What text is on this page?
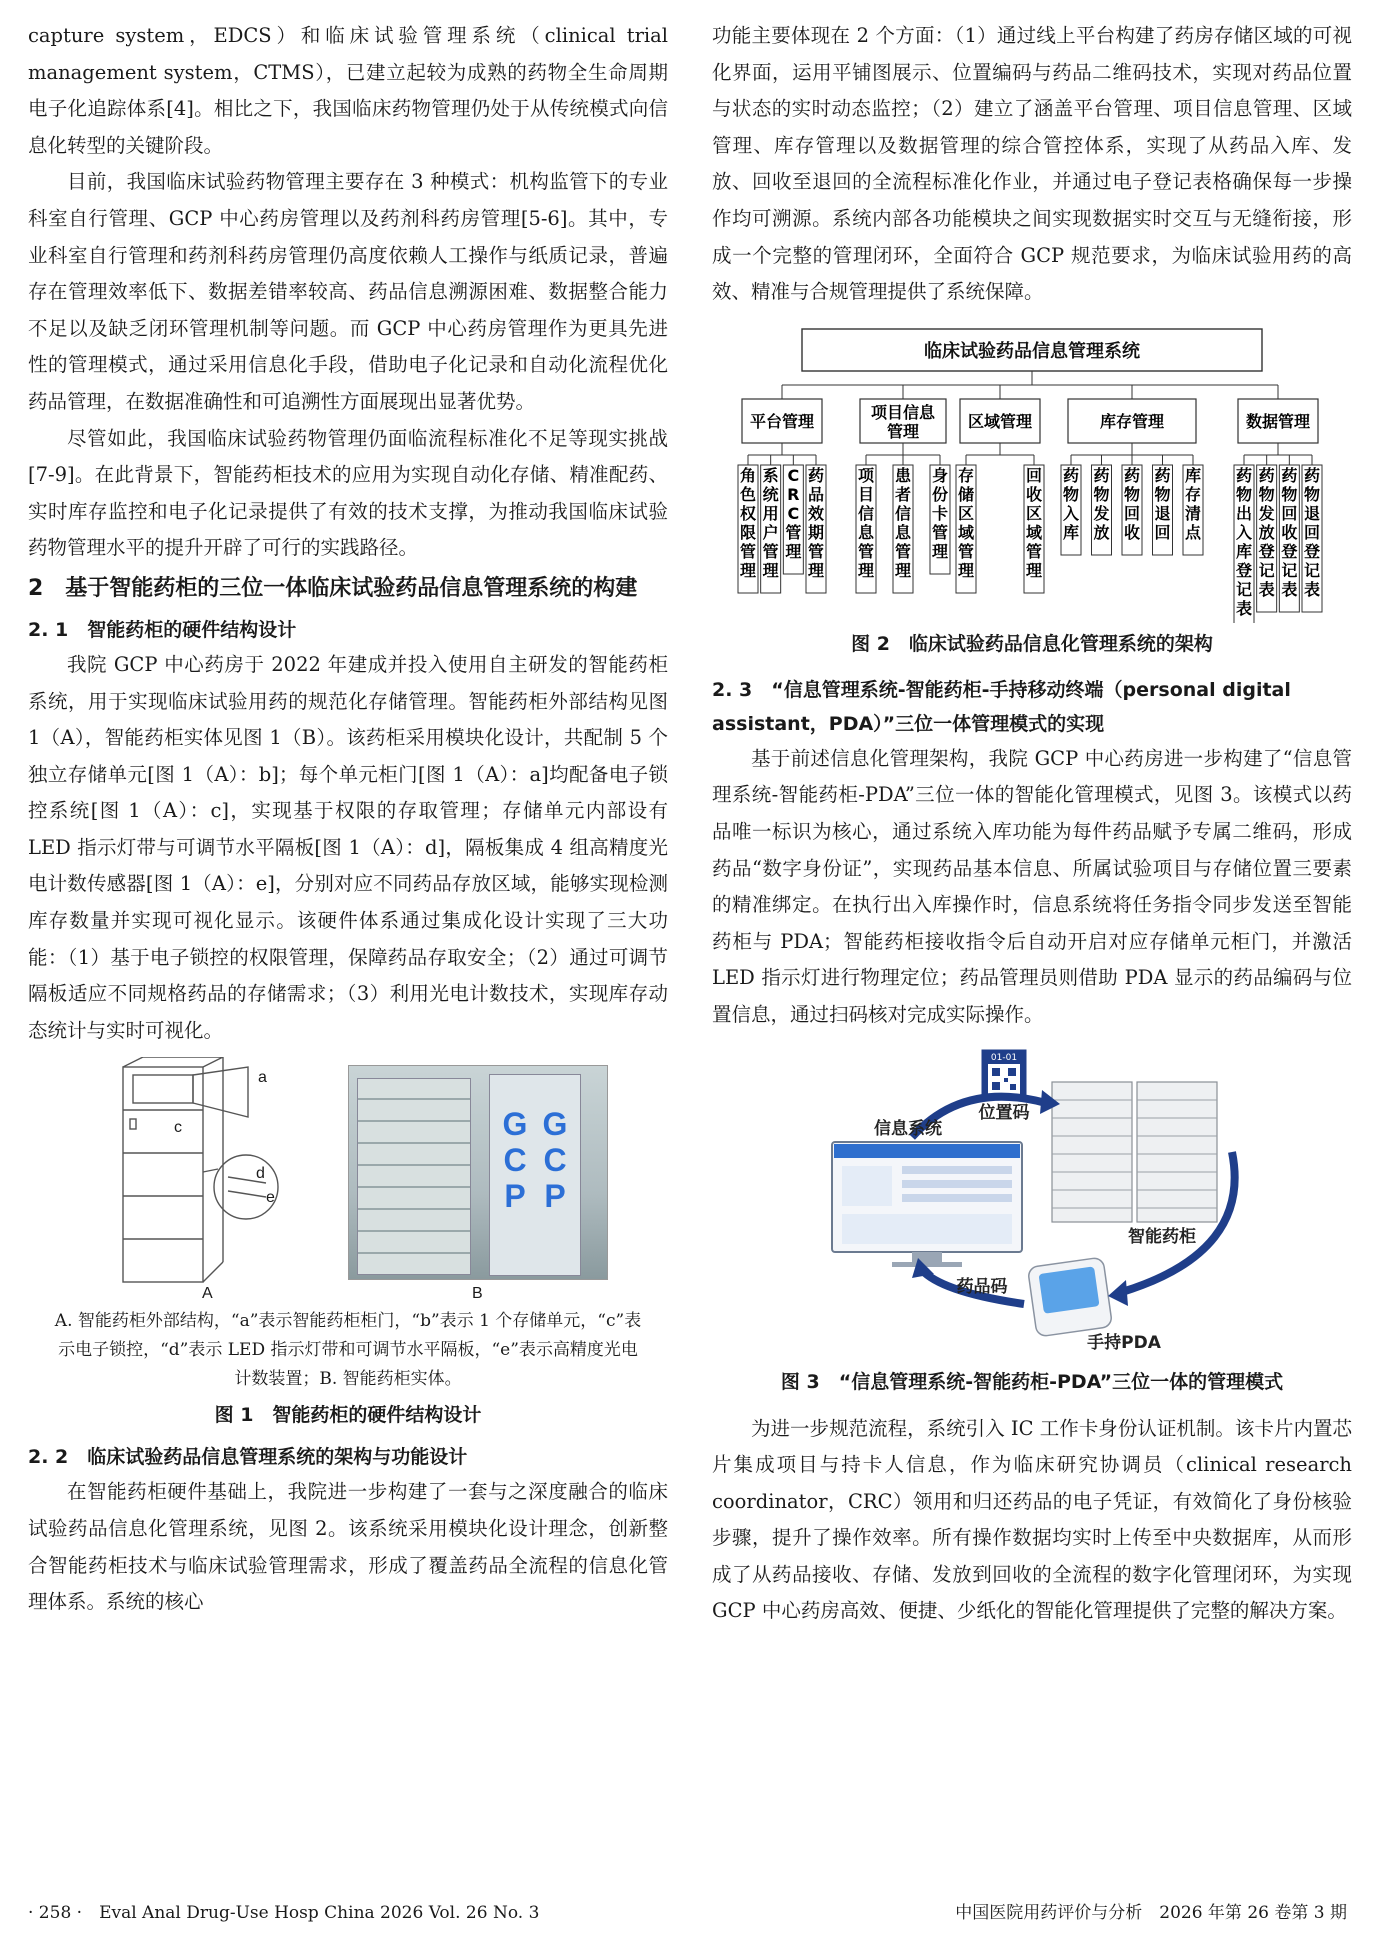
capture system，EDCS）和临床试验管理系统（clinical trial management system，CTMS），已建立起较为成熟的药物全生命周期电子化追踪体系[4]。相比之下，我国临床药物管理仍处于从传统模式向信息化转型的关键阶段。

目前，我国临床试验药物管理主要存在 3 种模式：机构监管下的专业科室自行管理、GCP 中心药房管理以及药剂科药房管理[5-6]。其中，专业科室自行管理和药剂科药房管理仍高度依赖人工操作与纸质记录，普遍存在管理效率低下、数据差错率较高、药品信息溯源困难、数据整合能力不足以及缺乏闭环管理机制等问题。而 GCP 中心药房管理作为更具先进性的管理模式，通过采用信息化手段，借助电子化记录和自动化流程优化药品管理，在数据准确性和可追溯性方面展现出显著优势。

尽管如此，我国临床试验药物管理仍面临流程标准化不足等现实挑战[7-9]。在此背景下，智能药柜技术的应用为实现自动化存储、精准配药、实时库存监控和电子化记录提供了有效的技术支撑，为推动我国临床试验药物管理水平的提升开辟了可行的实践路径。

2　基于智能药柜的三位一体临床试验药品信息管理系统的构建
2. 1　智能药柜的硬件结构设计

我院 GCP 中心药房于 2022 年建成并投入使用自主研发的智能药柜系统，用于实现临床试验用药的规范化存储管理。智能药柜外部结构见图 1（A），智能药柜实体见图 1（B）。该药柜采用模块化设计，共配制 5 个独立存储单元[图 1（A）：b]；每个单元柜门[图 1（A）：a]均配备电子锁控系统[图 1（A）：c]，实现基于权限的存取管理；存储单元内部设有 LED 指示灯带与可调节水平隔板[图 1（A）：d]，隔板集成 4 组高精度光电计数传感器[图 1（A）：e]，分别对应不同药品存放区域，能够实现检测库存数量并实现可视化显示。该硬件体系通过集成化设计实现了三大功能：（1）基于电子锁控的权限管理，保障药品存取安全；（2）通过可调节隔板适应不同规格药品的存储需求；（3）利用光电计数技术，实现库存动态统计与实时可视化。

a
c
d
e
A
G
C
P
G
C
P
B

A. 智能药柜外部结构，“a”表示智能药柜柜门，“b”表示 1 个存储单元，“c”表示电子锁控，“d”表示 LED 指示灯带和可调节水平隔板，“e”表示高精度光电计数装置；B. 智能药柜实体。

图 1　智能药柜的硬件结构设计
2. 2　临床试验药品信息管理系统的架构与功能设计

在智能药柜硬件基础上，我院进一步构建了一套与之深度融合的临床试验药品信息化管理系统，见图 2。该系统采用模块化设计理念，创新整合智能药柜技术与临床试验管理需求，形成了覆盖药品全流程的信息化管理体系。系统的核心

功能主要体现在 2 个方面：（1）通过线上平台构建了药房存储区域的可视化界面，运用平铺图展示、位置编码与药品二维码技术，实现对药品位置与状态的实时动态监控；（2）建立了涵盖平台管理、项目信息管理、区域管理、库存管理以及数据管理的综合管控体系，实现了从药品入库、发放、回收至退回的全流程标准化作业，并通过电子登记表格确保每一步操作均可溯源。系统内部各功能模块之间实现数据实时交互与无缝衔接，形成一个完整的管理闭环，全面符合 GCP 规范要求，为临床试验用药的高效、精准与合规管理提供了系统保障。

临床试验药品信息管理系统
平台管理
角色权限管理
系统用户管理
C R C 管理
药品效期管理
项目信息
管理
项目信息管理
患者信息管理
身份卡管理
区域管理
存储区域管理
回收区域管理
库存管理
药物入库
药物发放
药物回收
药物退回
库存清点
数据管理
药物出入库登记表
药物发放登记表
药物回收登记表
药物退回登记表
图 2　临床试验药品信息化管理系统的架构
2. 3　“信息管理系统-智能药柜-手持移动终端（personal digital assistant，PDA）”三位一体管理模式的实现

基于前述信息化管理架构，我院 GCP 中心药房进一步构建了“信息管理系统-智能药柜-PDA”三位一体的智能化管理模式，见图 3。该模式以药品唯一标识为核心，通过系统入库功能为每件药品赋予专属二维码，形成药品“数字身份证”，实现药品基本信息、所属试验项目与存储位置三要素的精准绑定。在执行出入库操作时，信息系统将任务指令同步发送至智能药柜与 PDA；智能药柜接收指令后自动开启对应存储单元柜门，并激活 LED 指示灯进行物理定位；药品管理员则借助 PDA 显示的药品编码与位置信息，通过扫码核对完成实际操作。

01-01
位置码
信息系统
智能药柜
药品码
手持PDA
图 3　“信息管理系统-智能药柜-PDA”三位一体的管理模式

为进一步规范流程，系统引入 IC 工作卡身份认证机制。该卡片内置芯片集成项目与持卡人信息，作为临床研究协调员（clinical research coordinator，CRC）领用和归还药品的电子凭证，有效简化了身份核验步骤，提升了操作效率。所有操作数据均实时上传至中央数据库，从而形成了从药品接收、存储、发放到回收的全流程的数字化管理闭环，为实现 GCP 中心药房高效、便捷、少纸化的智能化管理提供了完整的解决方案。

· 258 ·　Eval Anal Drug-Use Hosp China 2026 Vol. 26 No. 3	中国医院用药评价与分析　2026 年第 26 卷第 3 期
